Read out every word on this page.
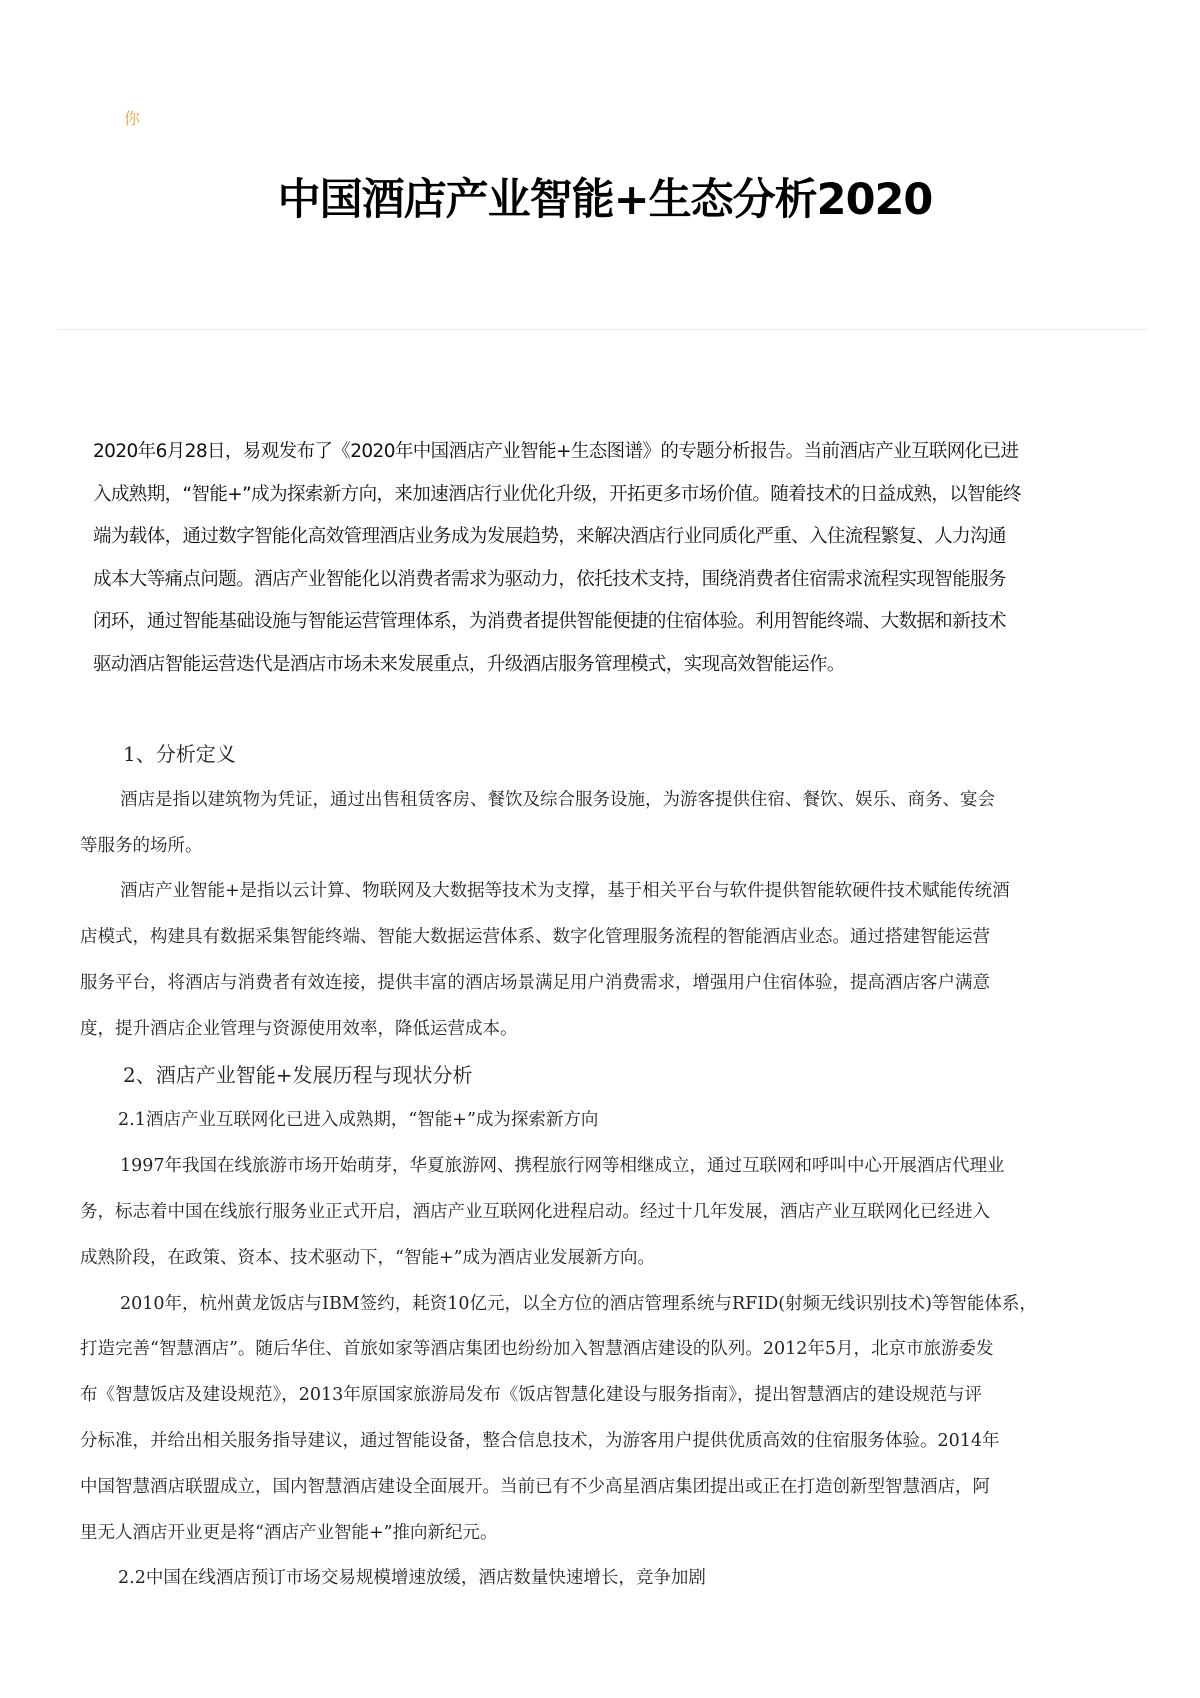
你
中国酒店产业智能+生态分析2020
2020年6月28日，易观发布了《2020年中国酒店产业智能+生态图谱》的专题分析报告。当前酒店产业互联网化已进
入成熟期，“智能+”成为探索新方向，来加速酒店行业优化升级，开拓更多市场价值。随着技术的日益成熟，以智能终
端为载体，通过数字智能化高效管理酒店业务成为发展趋势，来解决酒店行业同质化严重、入住流程繁复、人力沟通
成本大等痛点问题。酒店产业智能化以消费者需求为驱动力，依托技术支持，围绕消费者住宿需求流程实现智能服务
闭环，通过智能基础设施与智能运营管理体系，为消费者提供智能便捷的住宿体验。利用智能终端、大数据和新技术
驱动酒店智能运营迭代是酒店市场未来发展重点，升级酒店服务管理模式，实现高效智能运作。
1、分析定义
酒店是指以建筑物为凭证，通过出售租赁客房、餐饮及综合服务设施，为游客提供住宿、餐饮、娱乐、商务、宴会
等服务的场所。
酒店产业智能+是指以云计算、物联网及大数据等技术为支撑，基于相关平台与软件提供智能软硬件技术赋能传统酒
店模式，构建具有数据采集智能终端、智能大数据运营体系、数字化管理服务流程的智能酒店业态。通过搭建智能运营
服务平台，将酒店与消费者有效连接，提供丰富的酒店场景满足用户消费需求，增强用户住宿体验，提高酒店客户满意
度，提升酒店企业管理与资源使用效率，降低运营成本。
2、酒店产业智能+发展历程与现状分析
2.1酒店产业互联网化已进入成熟期，“智能+”成为探索新方向
1997年我国在线旅游市场开始萌芽，华夏旅游网、携程旅行网等相继成立，通过互联网和呼叫中心开展酒店代理业
务，标志着中国在线旅行服务业正式开启，酒店产业互联网化进程启动。经过十几年发展，酒店产业互联网化已经进入
成熟阶段，在政策、资本、技术驱动下，“智能+”成为酒店业发展新方向。
2010年，杭州黄龙饭店与IBM签约，耗资10亿元，以全方位的酒店管理系统与RFID(射频无线识别技术)等智能体系，
打造完善“智慧酒店”。随后华住、首旅如家等酒店集团也纷纷加入智慧酒店建设的队列。2012年5月，北京市旅游委发
布《智慧饭店及建设规范》，2013年原国家旅游局发布《饭店智慧化建设与服务指南》，提出智慧酒店的建设规范与评
分标准，并给出相关服务指导建议，通过智能设备，整合信息技术，为游客用户提供优质高效的住宿服务体验。2014年
中国智慧酒店联盟成立，国内智慧酒店建设全面展开。当前已有不少高星酒店集团提出或正在打造创新型智慧酒店，阿
里无人酒店开业更是将“酒店产业智能+”推向新纪元。
2.2中国在线酒店预订市场交易规模增速放缓，酒店数量快速增长，竞争加剧
